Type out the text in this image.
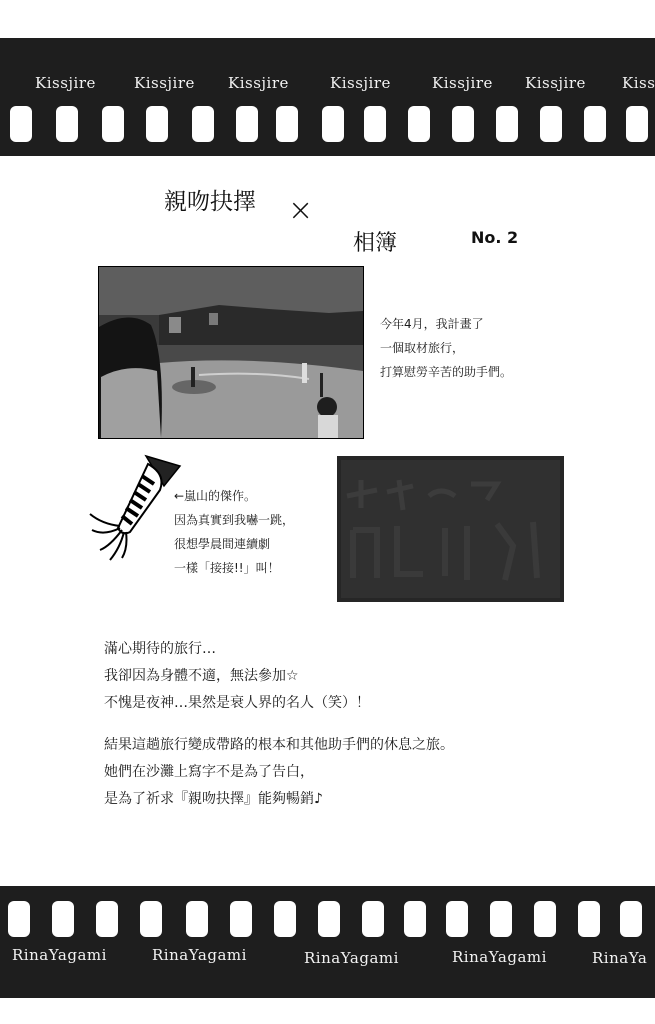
Kissjire	Kissjire Kissjire	Kissjire	Kissjire Kissjire Kiss
親吻抉擇 ×
相簿	No. 2
今年4月，我計畫了
一個取材旅行，
打算慰勞辛苦的助手們。
←嵐山的傑作。
因為真實到我嚇一跳，
很想學晨間連續劇
一樣「接接!!」叫！
滿心期待的旅行…
我卻因為身體不適，無法參加☆
不愧是夜神…果然是衰人界的名人（笑）！
結果這趟旅行變成帶路的根本和其他助手們的休息之旅。
她們在沙灘上寫字不是為了告白，
是為了祈求『親吻抉擇』能夠暢銷♪
RinaYagami	RinaYagami	RinaYagami	RinaYagami	RinaYa
